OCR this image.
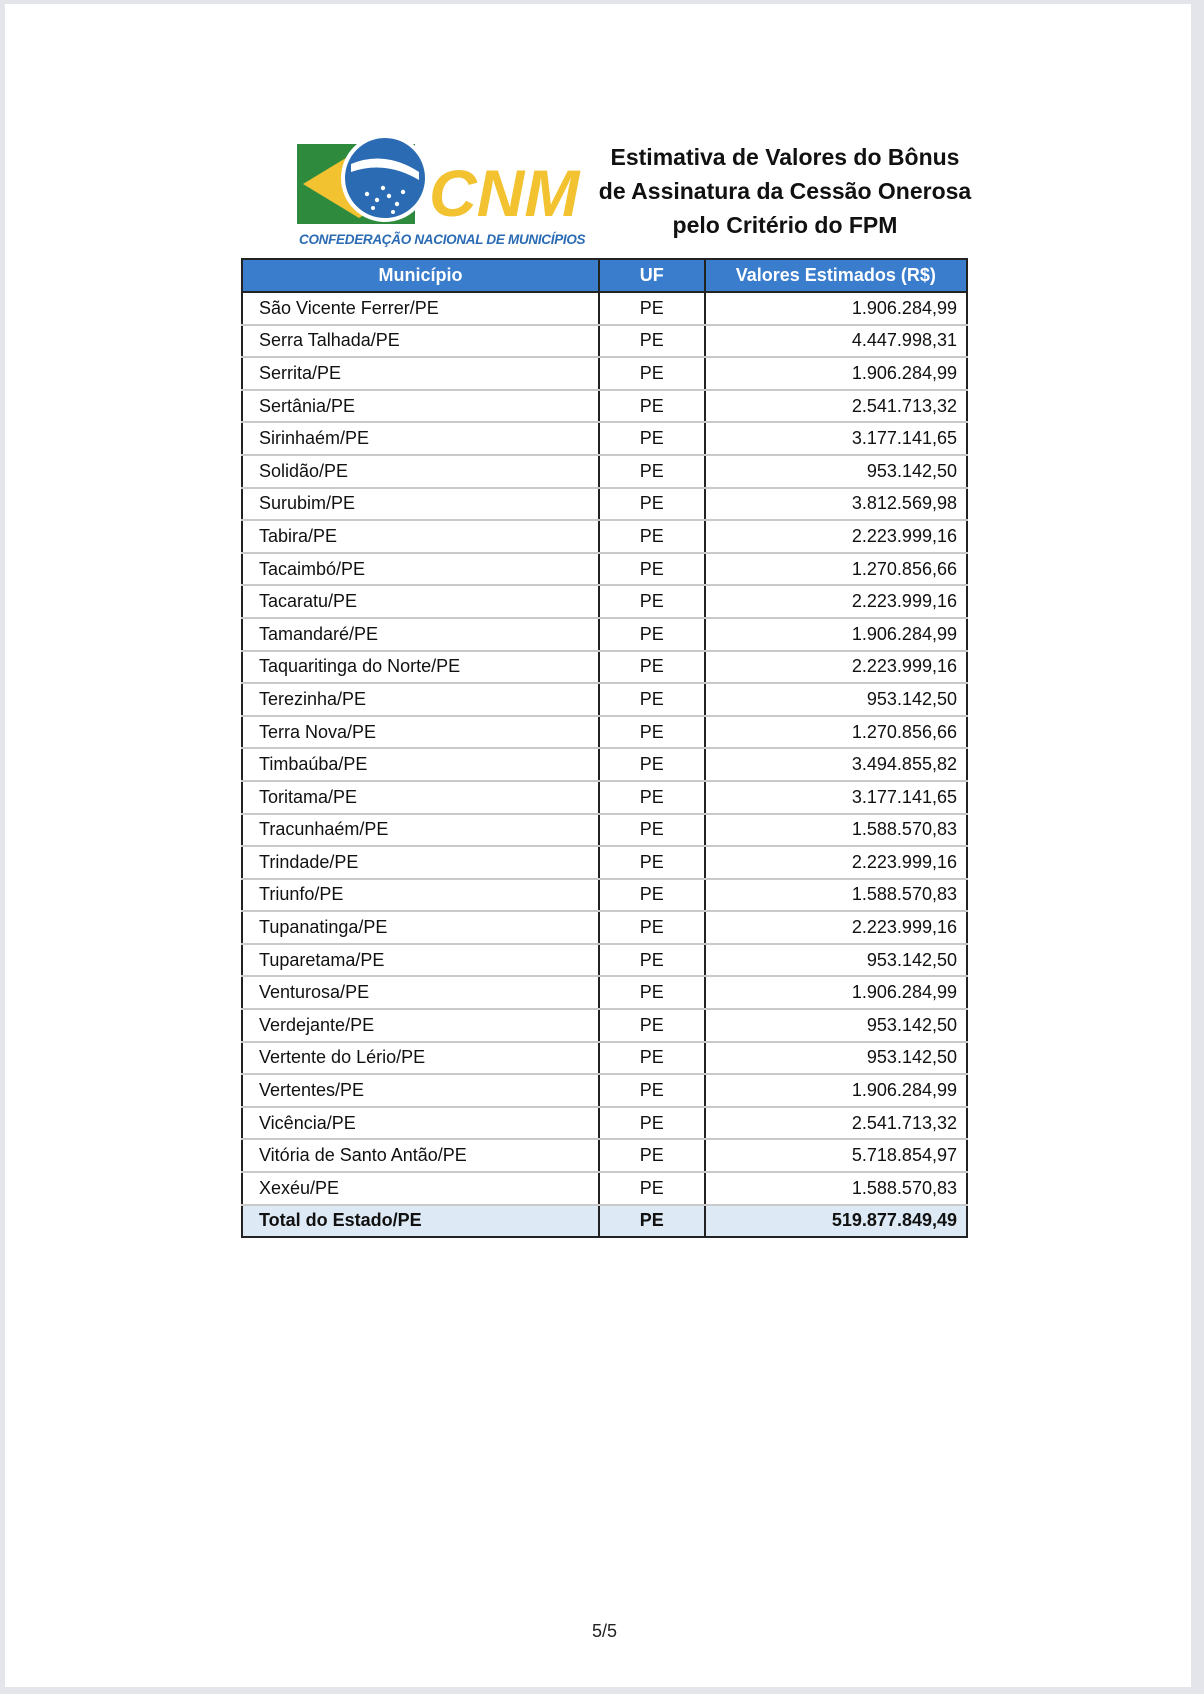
CNM
CONFEDERAÇÃO NACIONAL DE MUNICÍPIOS
Estimativa de Valores do Bônus
de Assinatura da Cessão Onerosa
pelo Critério do FPM
Município	UF	Valores Estimados (R$)
São Vicente Ferrer/PE	PE	1.906.284,99
Serra Talhada/PE	PE	4.447.998,31
Serrita/PE	PE	1.906.284,99
Sertânia/PE	PE	2.541.713,32
Sirinhaém/PE	PE	3.177.141,65
Solidão/PE	PE	953.142,50
Surubim/PE	PE	3.812.569,98
Tabira/PE	PE	2.223.999,16
Tacaimbó/PE	PE	1.270.856,66
Tacaratu/PE	PE	2.223.999,16
Tamandaré/PE	PE	1.906.284,99
Taquaritinga do Norte/PE	PE	2.223.999,16
Terezinha/PE	PE	953.142,50
Terra Nova/PE	PE	1.270.856,66
Timbaúba/PE	PE	3.494.855,82
Toritama/PE	PE	3.177.141,65
Tracunhaém/PE	PE	1.588.570,83
Trindade/PE	PE	2.223.999,16
Triunfo/PE	PE	1.588.570,83
Tupanatinga/PE	PE	2.223.999,16
Tuparetama/PE	PE	953.142,50
Venturosa/PE	PE	1.906.284,99
Verdejante/PE	PE	953.142,50
Vertente do Lério/PE	PE	953.142,50
Vertentes/PE	PE	1.906.284,99
Vicência/PE	PE	2.541.713,32
Vitória de Santo Antão/PE	PE	5.718.854,97
Xexéu/PE	PE	1.588.570,83
Total do Estado/PE	PE	519.877.849,49
5/5
